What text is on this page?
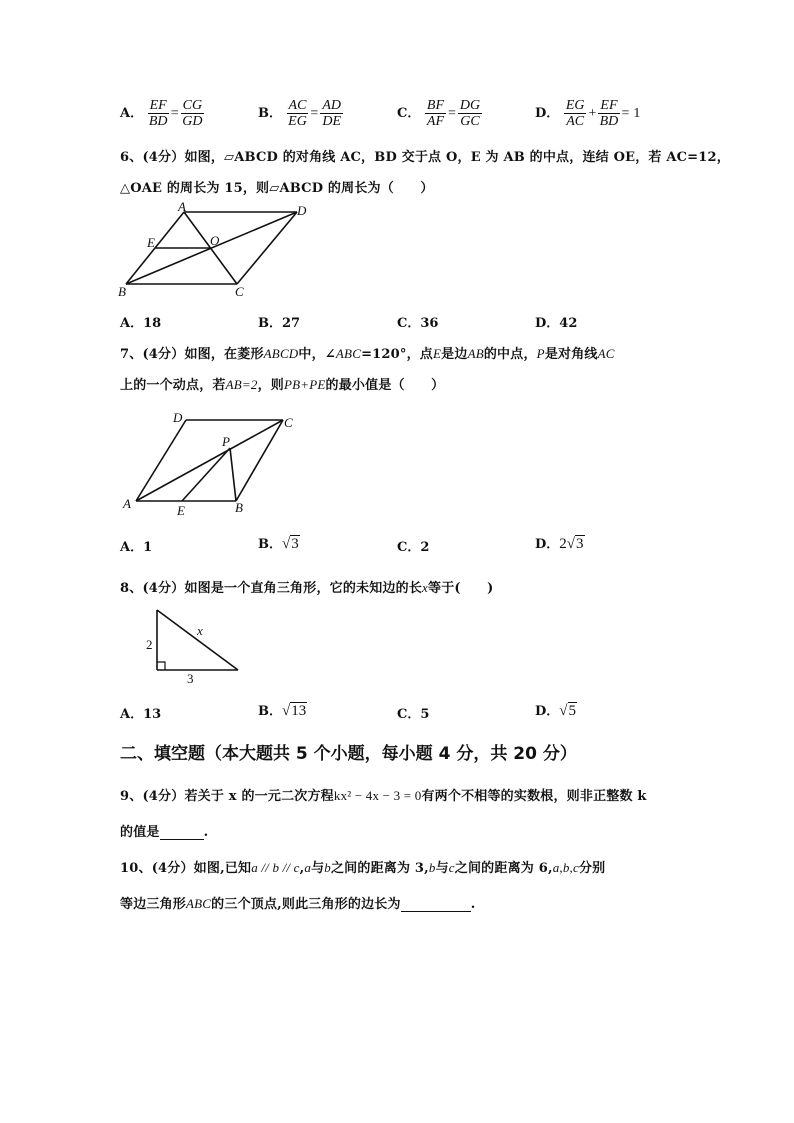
A． $\frac{EF}{BD} = \frac{CG}{GD}$	B． $\frac{AC}{EG} = \frac{AD}{DE}$	C． $\frac{BF}{AF} = \frac{DG}{GC}$	D． $\frac{EG}{AC} + \frac{EF}{BD} = 1$
6、(4分）如图，▱ABCD 的对角线 AC，BD 交于点 O，E 为 AB 的中点，连结 OE，若 AC=12，
△OAE 的周长为 15，则▱ABCD 的周长为（　　）
A	D
E	O
B	C
A．18	B．27	C．36	D．42
7、(4分）如图，在菱形ABCD中，∠ABC=120°，点E是边AB的中点，P是对角线AC
上的一个动点，若AB=2，则PB+PE的最小值是（　　）
D	C
P
A	E	B
A．1	B．√3	C．2	D．2√3
8、(4分）如图是一个直角三角形，它的未知边的长x等于(　　)
2
3
x
A．13	B．√13	C．5	D．√5
二、填空题（本大题共 5 个小题，每小题 4 分，共 20 分）
9、(4分）若关于 x 的一元二次方程kx² − 4x − 3 = 0有两个不相等的实数根，则非正整数 k
的值是	.
10、(4分）如图,已知a // b // c,a与b之间的距离为 3,b与c之间的距离为 6,a,b,c分别
等边三角形ABC的三个顶点,则此三角形的边长为	.
